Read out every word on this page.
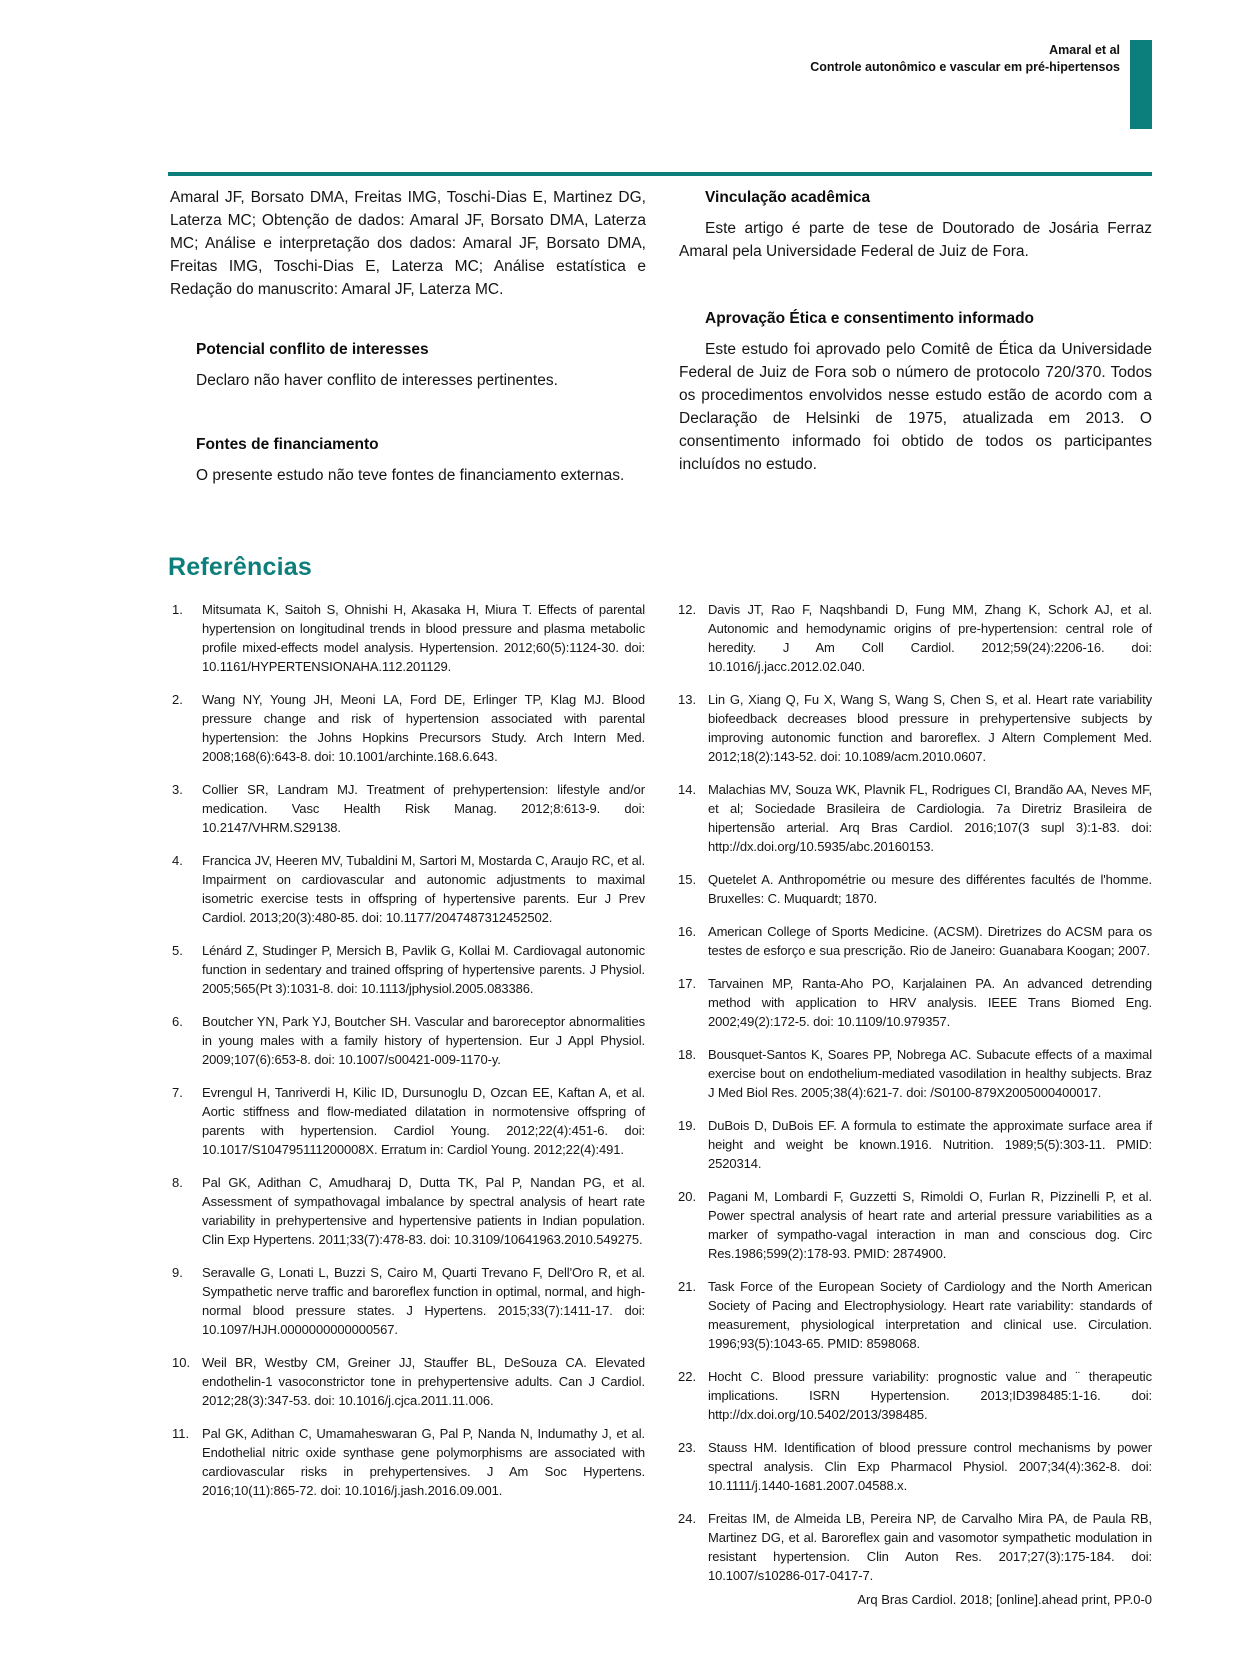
Amaral et al
Controle autonômico e vascular em pré-hipertensos

Amaral JF, Borsato DMA, Freitas IMG, Toschi-Dias E, Martinez DG, Laterza MC; Obtenção de dados: Amaral JF, Borsato DMA, Laterza MC; Análise e interpretação dos dados: Amaral JF, Borsato DMA, Freitas IMG, Toschi-Dias E, Laterza MC; Análise estatística e Redação do manuscrito: Amaral JF, Laterza MC.

Potencial conflito de interesses

Declaro não haver conflito de interesses pertinentes.

Fontes de financiamento

O presente estudo não teve fontes de financiamento externas.

Vinculação acadêmica

Este artigo é parte de tese de Doutorado de Josária Ferraz Amaral pela Universidade Federal de Juiz de Fora.

Aprovação Ética e consentimento informado

Este estudo foi aprovado pelo Comitê de Ética da Universidade Federal de Juiz de Fora sob o número de protocolo 720/370. Todos os procedimentos envolvidos nesse estudo estão de acordo com a Declaração de Helsinki de 1975, atualizada em 2013. O consentimento informado foi obtido de todos os participantes incluídos no estudo.

Referências
1.	Mitsumata K, Saitoh S, Ohnishi H, Akasaka H, Miura T. Effects of parental hypertension on longitudinal trends in blood pressure and plasma metabolic profile mixed-effects model analysis. Hypertension. 2012;60(5):1124-30. doi: 10.1161/HYPERTENSIONAHA.112.201129.
2.	Wang NY, Young JH, Meoni LA, Ford DE, Erlinger TP, Klag MJ. Blood pressure change and risk of hypertension associated with parental hypertension: the Johns Hopkins Precursors Study. Arch Intern Med. 2008;168(6):643-8. doi: 10.1001/archinte.168.6.643.
3.	Collier SR, Landram MJ. Treatment of prehypertension: lifestyle and/or medication. Vasc Health Risk Manag. 2012;8:613-9. doi: 10.2147/VHRM.S29138.
4.	Francica JV, Heeren MV, Tubaldini M, Sartori M, Mostarda C, Araujo RC, et al. Impairment on cardiovascular and autonomic adjustments to maximal isometric exercise tests in offspring of hypertensive parents. Eur J Prev Cardiol. 2013;20(3):480-85. doi: 10.1177/2047487312452502.
5.	Lénárd Z, Studinger P, Mersich B, Pavlik G, Kollai M. Cardiovagal autonomic function in sedentary and trained offspring of hypertensive parents. J Physiol. 2005;565(Pt 3):1031-8. doi: 10.1113/jphysiol.2005.083386.
6.	Boutcher YN, Park YJ, Boutcher SH. Vascular and baroreceptor abnormalities in young males with a family history of hypertension. Eur J Appl Physiol. 2009;107(6):653-8. doi: 10.1007/s00421-009-1170-y.
7.	Evrengul H, Tanriverdi H, Kilic ID, Dursunoglu D, Ozcan EE, Kaftan A, et al. Aortic stiffness and flow-mediated dilatation in normotensive offspring of parents with hypertension. Cardiol Young. 2012;22(4):451-6. doi: 10.1017/S104795111200008X. Erratum in: Cardiol Young. 2012;22(4):491.
8.	Pal GK, Adithan C, Amudharaj D, Dutta TK, Pal P, Nandan PG, et al. Assessment of sympathovagal imbalance by spectral analysis of heart rate variability in prehypertensive and hypertensive patients in Indian population. Clin Exp Hypertens. 2011;33(7):478-83. doi: 10.3109/10641963.2010.549275.
9.	Seravalle G, Lonati L, Buzzi S, Cairo M, Quarti Trevano F, Dell'Oro R, et al. Sympathetic nerve traffic and baroreflex function in optimal, normal, and high-normal blood pressure states. J Hypertens. 2015;33(7):1411-17. doi: 10.1097/HJH.0000000000000567.
10. Weil BR, Westby CM, Greiner JJ, Stauffer BL, DeSouza CA. Elevated endothelin-1 vasoconstrictor tone in prehypertensive adults. Can J Cardiol. 2012;28(3):347-53. doi: 10.1016/j.cjca.2011.11.006.
11. Pal GK, Adithan C, Umamaheswaran G, Pal P, Nanda N, Indumathy J, et al. Endothelial nitric oxide synthase gene polymorphisms are associated with cardiovascular risks in prehypertensives. J Am Soc Hypertens. 2016;10(11):865-72. doi: 10.1016/j.jash.2016.09.001.
12. Davis JT, Rao F, Naqshbandi D, Fung MM, Zhang K, Schork AJ, et al. Autonomic and hemodynamic origins of pre-hypertension: central role of heredity. J Am Coll Cardiol. 2012;59(24):2206-16. doi: 10.1016/j.jacc.2012.02.040.
13. Lin G, Xiang Q, Fu X, Wang S, Wang S, Chen S, et al. Heart rate variability biofeedback decreases blood pressure in prehypertensive subjects by improving autonomic function and baroreflex. J Altern Complement Med. 2012;18(2):143-52. doi: 10.1089/acm.2010.0607.
14. Malachias MV, Souza WK, Plavnik FL, Rodrigues CI, Brandão AA, Neves MF, et al; Sociedade Brasileira de Cardiologia. 7a Diretriz Brasileira de hipertensão arterial. Arq Bras Cardiol. 2016;107(3 supl 3):1-83. doi: http://dx.doi.org/10.5935/abc.20160153.
15. Quetelet A. Anthropométrie ou mesure des différentes facultés de l'homme. Bruxelles: C. Muquardt; 1870.
16. American College of Sports Medicine. (ACSM). Diretrizes do ACSM para os testes de esforço e sua prescrição. Rio de Janeiro: Guanabara Koogan; 2007.
17. Tarvainen MP, Ranta-Aho PO, Karjalainen PA. An advanced detrending method with application to HRV analysis. IEEE Trans Biomed Eng. 2002;49(2):172-5. doi: 10.1109/10.979357.
18. Bousquet-Santos K, Soares PP, Nobrega AC. Subacute effects of a maximal exercise bout on endothelium-mediated vasodilation in healthy subjects. Braz J Med Biol Res. 2005;38(4):621-7. doi: /S0100-879X2005000400017.
19. DuBois D, DuBois EF. A formula to estimate the approximate surface area if height and weight be known.1916. Nutrition. 1989;5(5):303-11. PMID: 2520314.
20. Pagani M, Lombardi F, Guzzetti S, Rimoldi O, Furlan R, Pizzinelli P, et al. Power spectral analysis of heart rate and arterial pressure variabilities as a marker of sympatho-vagal interaction in man and conscious dog. Circ Res.1986;599(2):178-93. PMID: 2874900.
21. Task Force of the European Society of Cardiology and the North American Society of Pacing and Electrophysiology. Heart rate variability: standards of measurement, physiological interpretation and clinical use. Circulation. 1996;93(5):1043-65. PMID: 8598068.
22. Hocht C. Blood pressure variability: prognostic value and ¨ therapeutic implications. ISRN Hypertension. 2013;ID398485:1-16. doi: http://dx.doi.org/10.5402/2013/398485.
23. Stauss HM. Identification of blood pressure control mechanisms by power spectral analysis. Clin Exp Pharmacol Physiol. 2007;34(4):362-8. doi: 10.1111/j.1440-1681.2007.04588.x.
24. Freitas IM, de Almeida LB, Pereira NP, de Carvalho Mira PA, de Paula RB, Martinez DG, et al. Baroreflex gain and vasomotor sympathetic modulation in resistant hypertension. Clin Auton Res. 2017;27(3):175-184. doi: 10.1007/s10286-017-0417-7.
Arq Bras Cardiol. 2018; [online].ahead print, PP.0-0
